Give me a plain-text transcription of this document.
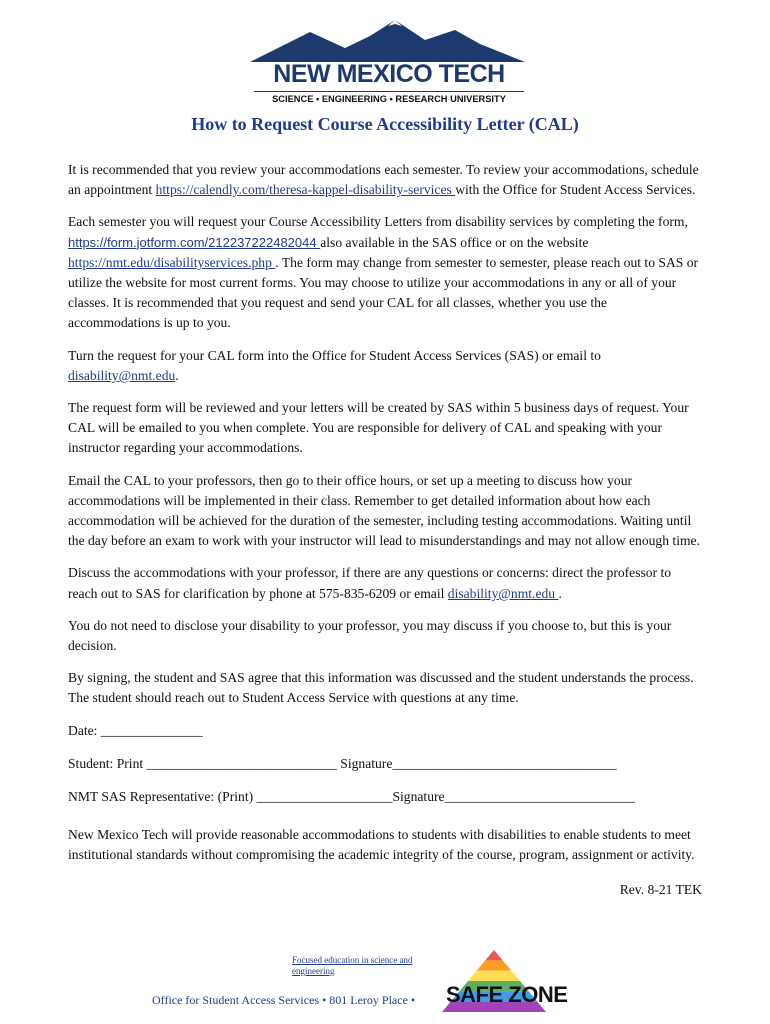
NEW MEXICO TECH
SCIENCE • ENGINEERING • RESEARCH UNIVERSITY
How to Request Course Accessibility Letter (CAL)

It is recommended that you review your accommodations each semester. To review your accommodations, schedule an appointment https://calendly.com/theresa-kappel-disability-services with the Office for Student Access Services.

Each semester you will request your Course Accessibility Letters from disability services by completing the form, https://form.jotform.com/212237222482044 also available in the SAS office or on the website https://nmt.edu/disabilityservices.php . The form may change from semester to semester, please reach out to SAS or utilize the website for most current forms. You may choose to utilize your accommodations in any or all of your classes. It is recommended that you request and send your CAL for all classes, whether you use the accommodations is up to you.

Turn the request for your CAL form into the Office for Student Access Services (SAS) or email to disability@nmt.edu.

The request form will be reviewed and your letters will be created by SAS within 5 business days of request. Your CAL will be emailed to you when complete. You are responsible for delivery of CAL and speaking with your instructor regarding your accommodations.

Email the CAL to your professors, then go to their office hours, or set up a meeting to discuss how your accommodations will be implemented in their class. Remember to get detailed information about how each accommodation will be achieved for the duration of the semester, including testing accommodations. Waiting until the day before an exam to work with your instructor will lead to misunderstandings and may not allow enough time.

Discuss the accommodations with your professor, if there are any questions or concerns: direct the professor to reach out to SAS for clarification by phone at 575-835-6209 or email disability@nmt.edu .

You do not need to disclose your disability to your professor, you may discuss if you choose to, but this is your decision.

By signing, the student and SAS agree that this information was discussed and the student understands the process. The student should reach out to Student Access Service with questions at any time.

Date: _______________
Student: Print ____________________________ Signature_________________________________
NMT SAS Representative: (Print) ____________________Signature____________________________

New Mexico Tech will provide reasonable accommodations to students with disabilities to enable students to meet institutional standards without compromising the academic integrity of the course, program, assignment or activity.

Rev. 8-21 TEK
Focused education in science and engineering
SAFE ZONE
Office for Student Access Services • 801 Leroy Place •
